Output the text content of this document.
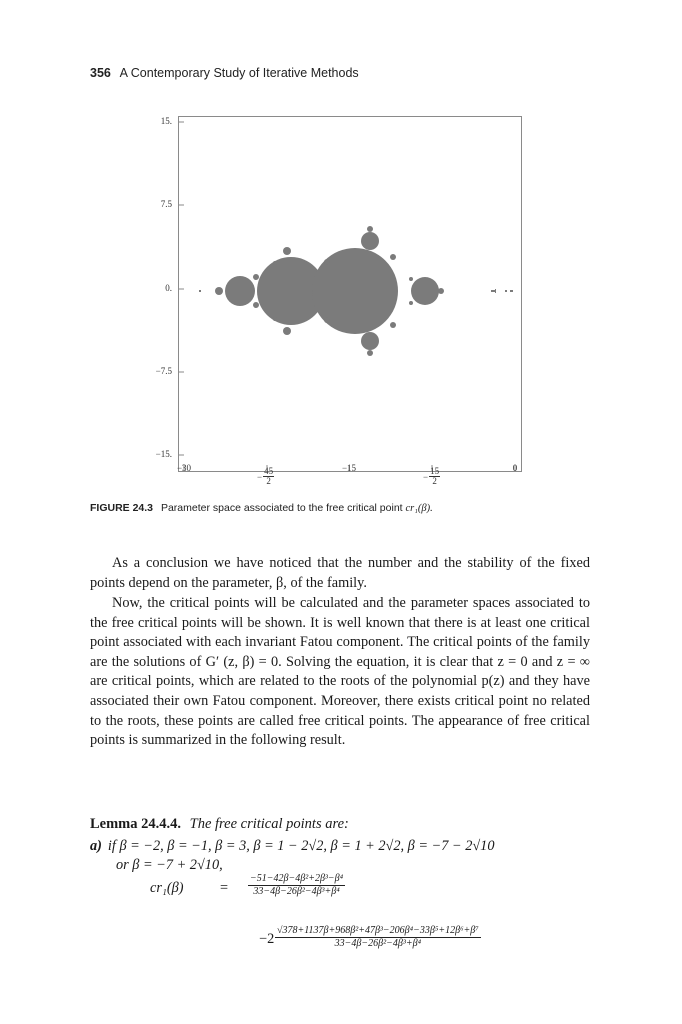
356 A Contemporary Study of Iterative Methods
15.
7.5
0.
−7.5
−15.
−30
− $\frac{45}{2}$	−15
− $\frac{15}{2}$	0
FIGURE 24.3 Parameter space associated to the free critical point cr₁(β).
As a conclusion we have noticed that the number and the stability of the fixed points depend on the parameter, β, of the family.
Now, the critical points will be calculated and the parameter spaces associated to the free critical points will be shown. It is well known that there is at least one critical point associated with each invariant Fatou component. The critical points of the family are the solutions of G′ (z, β) = 0. Solving the equation, it is clear that z = 0 and z = ∞ are critical points, which are related to the roots of the polynomial p(z) and they have associated their own Fatou component. Moreover, there exists critical point no related to the roots, these points are called free critical points. The appearance of free critical points is summarized in the following result.
Lemma 24.4.4. The free critical points are:
a) if β = −2, β = −1, β = 3, β = 1 − 2√2, β = 1 + 2√2, β = −7 − 2√10
or β = −7 + 2√10,
cr₁(β)	= $\frac{\text{−51−42β−4β²+2β³−β⁴}}{\text{33−4β−26β²−4β³+β⁴}}$
$-2 \frac{\text{√378+1137β+968β²+47β³−206β⁴−33β⁵+12β⁶+β⁷}}{\text{33−4β−26β²−4β³+β⁴}}$
